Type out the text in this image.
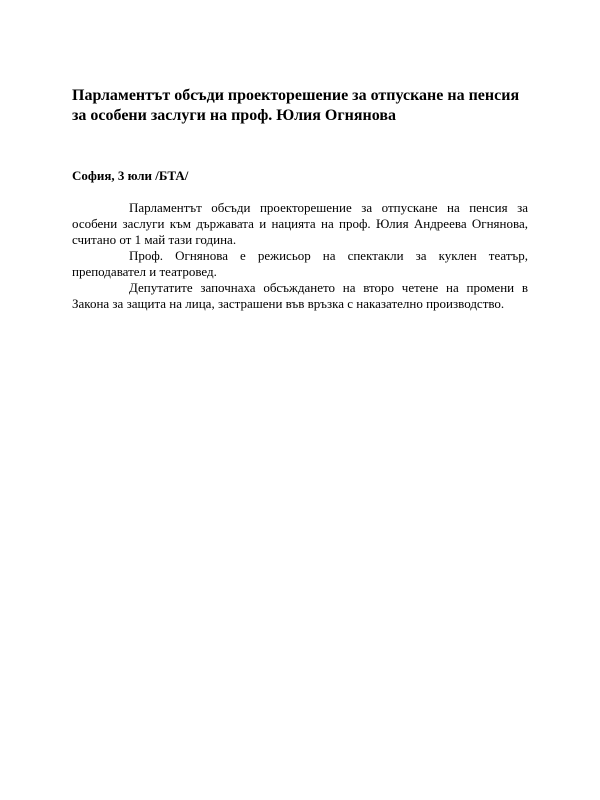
Парламентът обсъди проекторешение за отпускане на пенсия за особени заслуги на проф. Юлия Огнянова

София, 3 юли /БТА/

Парламентът обсъди проекторешение за отпускане на пенсия за особени заслуги към държавата и нацията на проф. Юлия Андреева Огнянова, считано от 1 май тази година.

Проф. Огнянова е режисьор на спектакли за куклен театър, преподавател и театровед.

Депутатите започнаха обсъждането на второ четене на промени в Закона за защита на лица, застрашени във връзка с наказателно производство.
